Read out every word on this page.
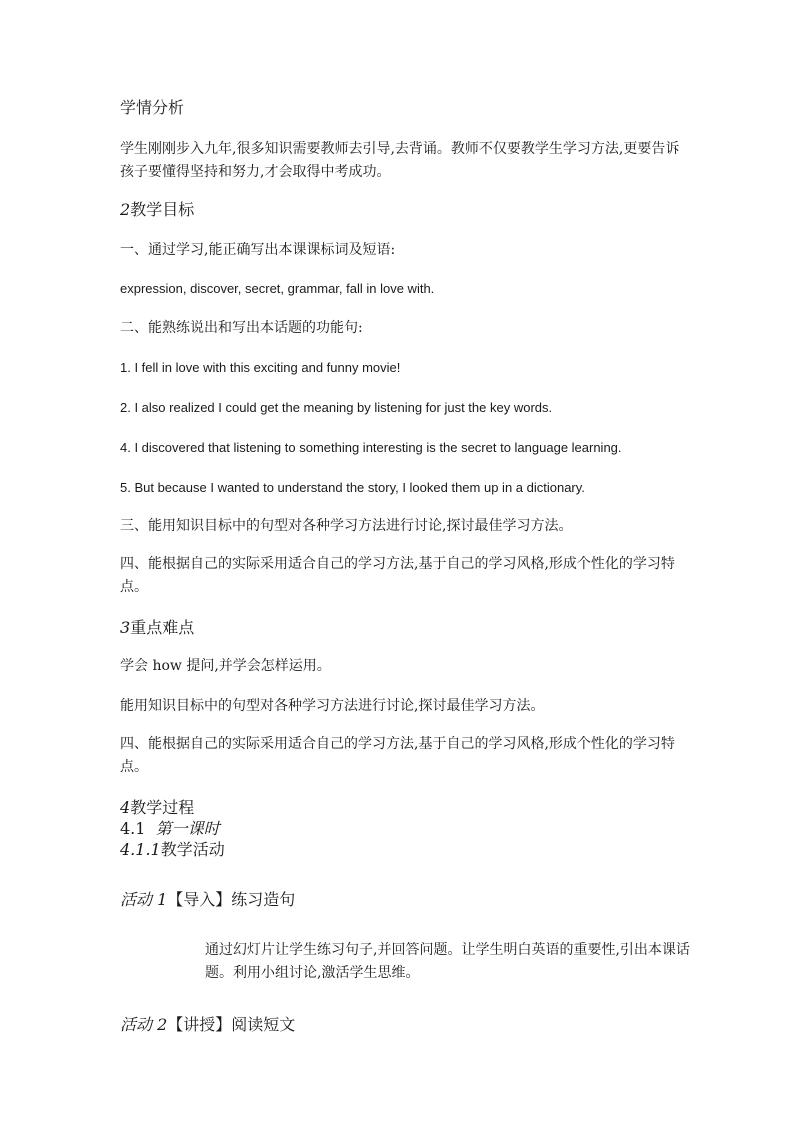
学情分析
学生刚刚步入九年,很多知识需要教师去引导,去背诵。教师不仅要教学生学习方法,更要告诉孩子要懂得坚持和努力,才会取得中考成功。
2教学目标
一、通过学习,能正确写出本课课标词及短语:
expression, discover, secret, grammar, fall in love with.
二、能熟练说出和写出本话题的功能句:
1. I fell in love with this exciting and funny movie!
2. I also realized I could get the meaning by listening for just the key words.
4. I discovered that listening to something interesting is the secret to language learning.
5. But because I wanted to understand the story, I looked them up in a dictionary.
三、能用知识目标中的句型对各种学习方法进行讨论,探讨最佳学习方法。
四、能根据自己的实际采用适合自己的学习方法,基于自己的学习风格,形成个性化的学习特点。
3重点难点
学会 how 提问,并学会怎样运用。
能用知识目标中的句型对各种学习方法进行讨论,探讨最佳学习方法。
四、能根据自己的实际采用适合自己的学习方法,基于自己的学习风格,形成个性化的学习特点。
4教学过程
4.1 第一课时
4.1.1教学活动
活动 1【导入】练习造句
通过幻灯片让学生练习句子,并回答问题。让学生明白英语的重要性,引出本课话题。利用小组讨论,激活学生思维。
活动 2【讲授】阅读短文
